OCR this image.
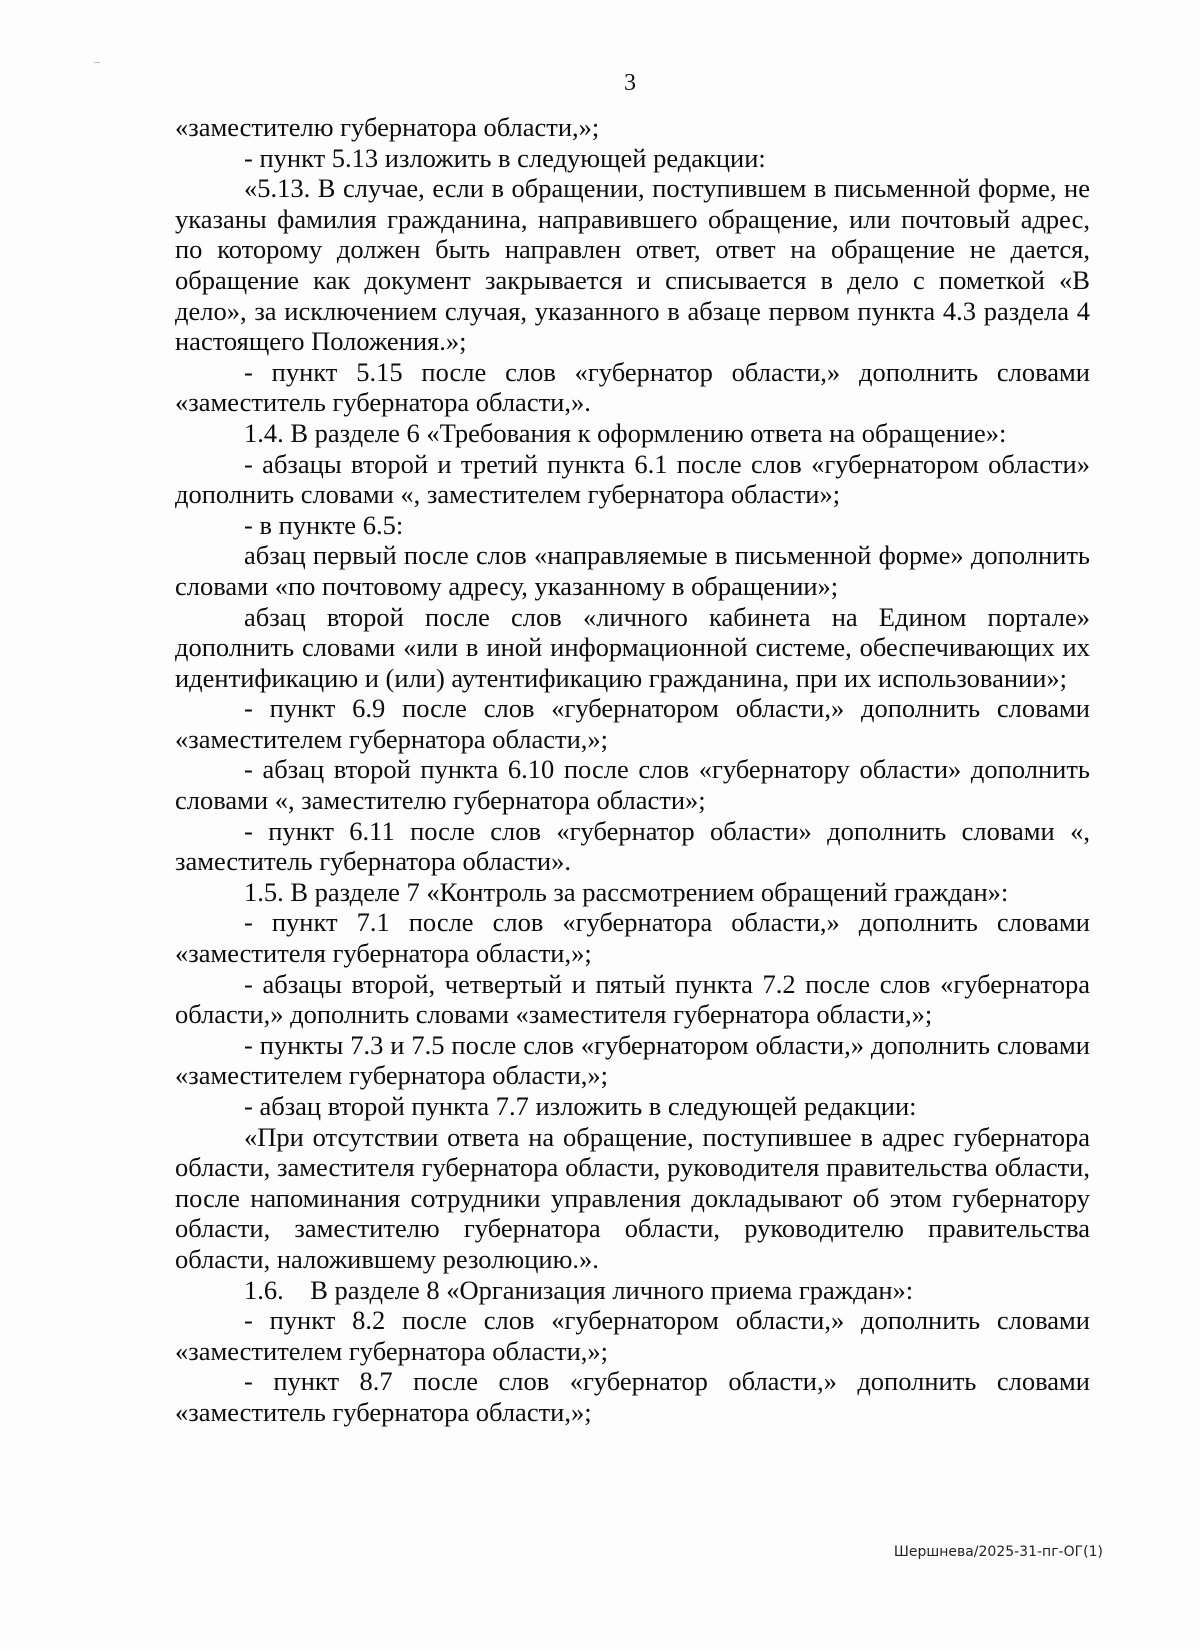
3

«заместителю губернатора области,»;

- пункт 5.13 изложить в следующей редакции:

«5.13. В случае, если в обращении, поступившем в письменной форме, не указаны фамилия гражданина, направившего обращение, или почтовый адрес, по которому должен быть направлен ответ, ответ на обращение не дается, обращение как документ закрывается и списывается в дело с пометкой «В дело», за исключением случая, указанного в абзаце первом пункта 4.3 раздела 4 настоящего Положения.»;

- пункт 5.15 после слов «губернатор области,» дополнить словами «заместитель губернатора области,».

1.4. В разделе 6 «Требования к оформлению ответа на обращение»:

- абзацы второй и третий пункта 6.1 после слов «губернатором области» дополнить словами «, заместителем губернатора области»;

- в пункте 6.5:

абзац первый после слов «направляемые в письменной форме» дополнить словами «по почтовому адресу, указанному в обращении»;

абзац второй после слов «личного кабинета на Едином портале» дополнить словами «или в иной информационной системе, обеспечивающих их идентификацию и (или) аутентификацию гражданина, при их использовании»;

- пункт 6.9 после слов «губернатором области,» дополнить словами «заместителем губернатора области,»;

- абзац второй пункта 6.10 после слов «губернатору области» дополнить словами «, заместителю губернатора области»;

- пункт 6.11 после слов «губернатор области» дополнить словами «, заместитель губернатора области».

1.5. В разделе 7 «Контроль за рассмотрением обращений граждан»:

- пункт 7.1 после слов «губернатора области,» дополнить словами «заместителя губернатора области,»;

- абзацы второй, четвертый и пятый пункта 7.2 после слов «губернатора области,» дополнить словами «заместителя губернатора области,»;

- пункты 7.3 и 7.5 после слов «губернатором области,» дополнить словами «заместителем губернатора области,»;

- абзац второй пункта 7.7 изложить в следующей редакции:

«При отсутствии ответа на обращение, поступившее в адрес губернатора области, заместителя губернатора области, руководителя правительства области, после напоминания сотрудники управления докладывают об этом губернатору области, заместителю губернатора области, руководителю правительства области, наложившему резолюцию.».

1.6.    В разделе 8 «Организация личного приема граждан»:

- пункт 8.2 после слов «губернатором области,» дополнить словами «заместителем губернатора области,»;

- пункт 8.7 после слов «губернатор области,» дополнить словами «заместитель губернатора области,»;

Шершнева/2025-31-пг-ОГ(1)
